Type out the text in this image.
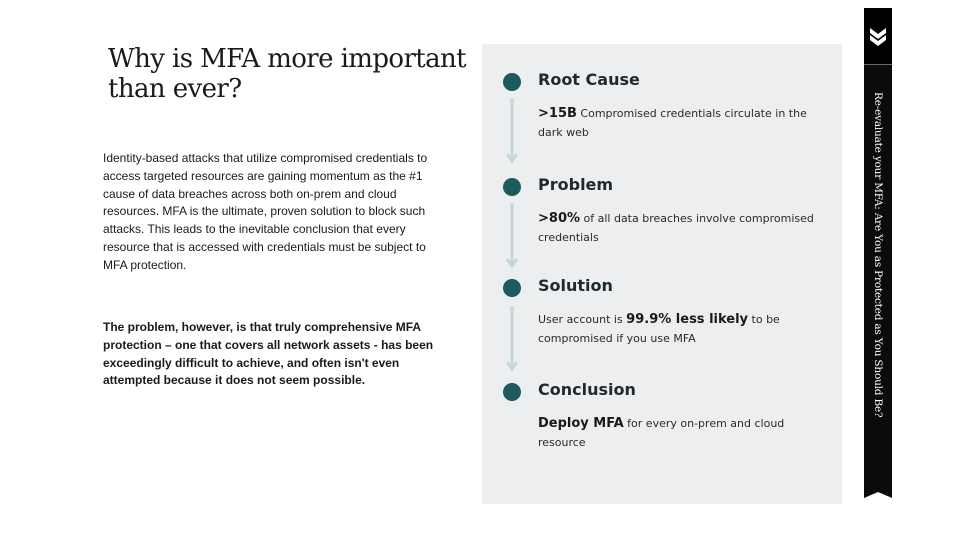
Why is MFA more important than ever?

Identity-based attacks that utilize compromised credentials to access targeted resources are gaining momentum as the #1 cause of data breaches across both on-prem and cloud resources. MFA is the ultimate, proven solution to block such attacks. This leads to the inevitable conclusion that every resource that is accessed with credentials must be subject to MFA protection.

The problem, however, is that truly comprehensive MFA protection – one that covers all network assets - has been exceedingly difficult to achieve, and often isn't even attempted because it does not seem possible.

Root Cause

>15B Compromised credentials circulate in the dark web

Problem

>80% of all data breaches involve compromised credentials

Solution

User account is 99.9% less likely to be compromised if you use MFA

Conclusion

Deploy MFA for every on-prem and cloud resource

Re-evaluate your MFA: Are You as Protected as You Should Be?
